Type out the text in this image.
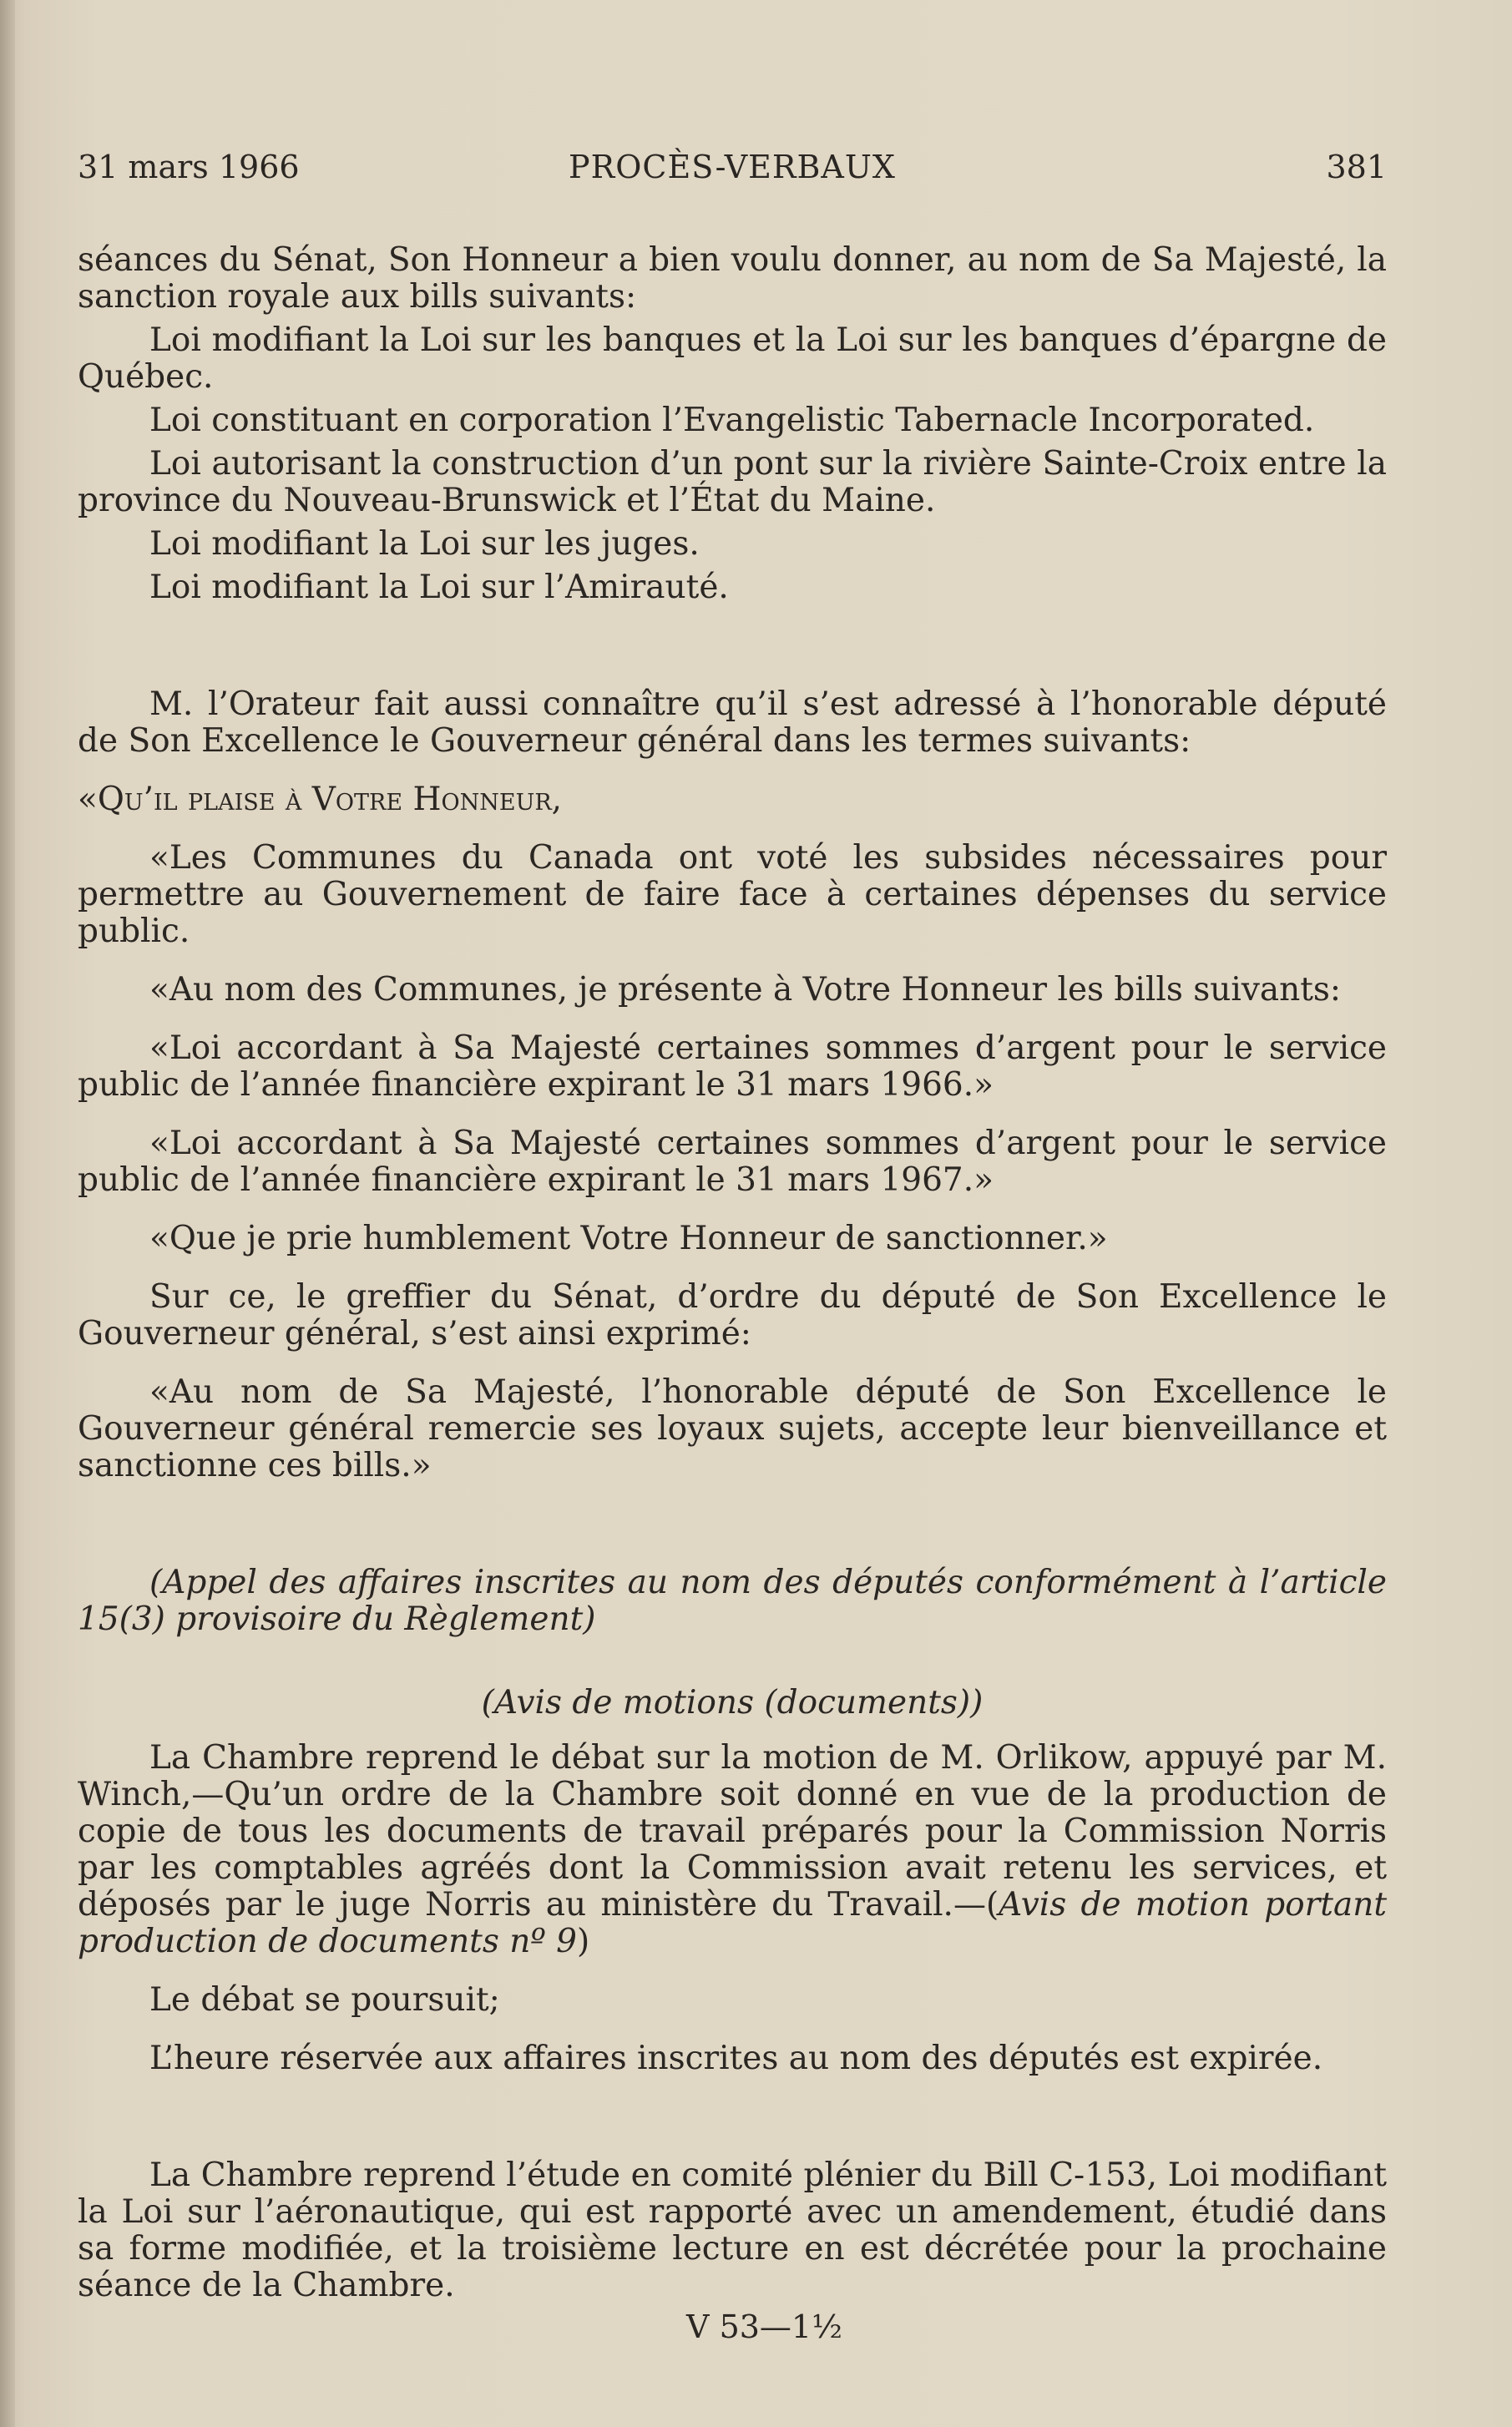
31 mars 1966	PROCÈS-VERBAUX	381

séances du Sénat, Son Honneur a bien voulu donner, au nom de Sa Majesté, la sanction royale aux bills suivants:

Loi modifiant la Loi sur les banques et la Loi sur les banques d’épargne de Québec.

Loi constituant en corporation l’Evangelistic Tabernacle Incorporated.

Loi autorisant la construction d’un pont sur la rivière Sainte-Croix entre la province du Nouveau-Brunswick et l’État du Maine.

Loi modifiant la Loi sur les juges.

Loi modifiant la Loi sur l’Amirauté.

M. l’Orateur fait aussi connaître qu’il s’est adressé à l’honorable député de Son Excellence le Gouverneur général dans les termes suivants:

«Qu’il plaise à Votre Honneur,

«Les Communes du Canada ont voté les subsides nécessaires pour permettre au Gouvernement de faire face à certaines dépenses du service public.

«Au nom des Communes, je présente à Votre Honneur les bills suivants:

«Loi accordant à Sa Majesté certaines sommes d’argent pour le service public de l’année financière expirant le 31 mars 1966.»

«Loi accordant à Sa Majesté certaines sommes d’argent pour le service public de l’année financière expirant le 31 mars 1967.»

«Que je prie humblement Votre Honneur de sanctionner.»

Sur ce, le greffier du Sénat, d’ordre du député de Son Excellence le Gouverneur général, s’est ainsi exprimé:

«Au nom de Sa Majesté, l’honorable député de Son Excellence le Gouverneur général remercie ses loyaux sujets, accepte leur bienveillance et sanctionne ces bills.»

(Appel des affaires inscrites au nom des députés conformément à l’article 15(3) provisoire du Règlement)

(Avis de motions (documents))

La Chambre reprend le débat sur la motion de M. Orlikow, appuyé par M. Winch,—Qu’un ordre de la Chambre soit donné en vue de la production de copie de tous les documents de travail préparés pour la Commission Norris par les comptables agréés dont la Commission avait retenu les services, et déposés par le juge Norris au ministère du Travail.—(Avis de motion portant production de documents nº 9)

Le débat se poursuit;

L’heure réservée aux affaires inscrites au nom des députés est expirée.

La Chambre reprend l’étude en comité plénier du Bill C-153, Loi modifiant la Loi sur l’aéronautique, qui est rapporté avec un amendement, étudié dans sa forme modifiée, et la troisième lecture en est décrétée pour la prochaine séance de la Chambre.

V 53—1½
